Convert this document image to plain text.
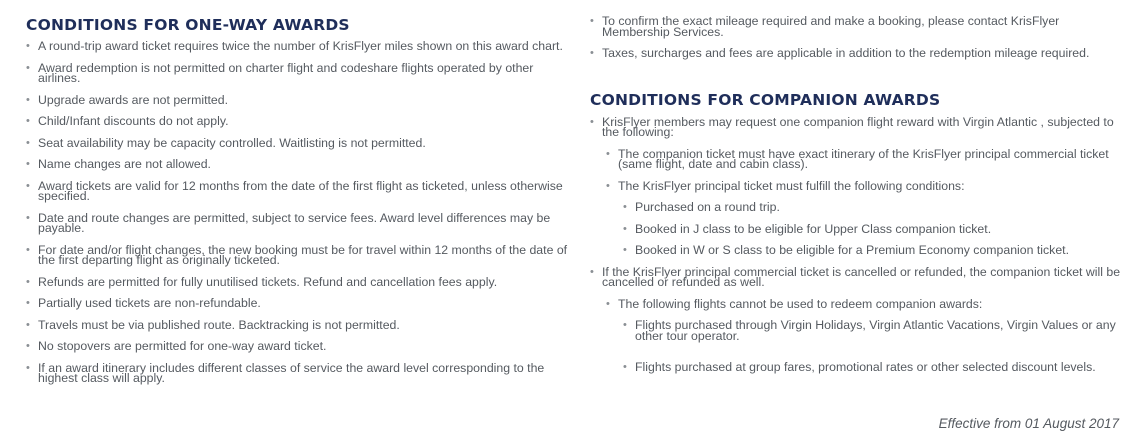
CONDITIONS FOR ONE-WAY AWARDS
• A round-trip award ticket requires twice the number of KrisFlyer miles shown on this award chart.
• Award redemption is not permitted on charter flight and codeshare flights operated by other airlines.
• Upgrade awards are not permitted.
• Child/Infant discounts do not apply.
• Seat availability may be capacity controlled. Waitlisting is not permitted.
• Name changes are not allowed.
• Award tickets are valid for 12 months from the date of the first flight as ticketed, unless otherwise specified.
• Date and route changes are permitted, subject to service fees. Award level differences may be payable.
• For date and/or flight changes, the new booking must be for travel within 12 months of the date of the first departing flight as originally ticketed.
• Refunds are permitted for fully unutilised tickets. Refund and cancellation fees apply.
• Partially used tickets are non-refundable.
• Travels must be via published route. Backtracking is not permitted.
• No stopovers are permitted for one-way award ticket.
• If an award itinerary includes different classes of service the award level corresponding to the highest class will apply.
• To confirm the exact mileage required and make a booking, please contact KrisFlyer Membership Services.
• Taxes, surcharges and fees are applicable in addition to the redemption mileage required.
CONDITIONS FOR COMPANION AWARDS
• KrisFlyer members may request one companion flight reward with Virgin Atlantic , subjected to the following:
• The companion ticket must have exact itinerary of the KrisFlyer principal commercial ticket (same flight, date and cabin class).
• The KrisFlyer principal ticket must fulfill the following conditions:
• Purchased on a round trip.
• Booked in J class to be eligible for Upper Class companion ticket.
• Booked in W or S class to be eligible for a Premium Economy companion ticket.
• If the KrisFlyer principal commercial ticket is cancelled or refunded, the companion ticket will be cancelled or refunded as well.
• The following flights cannot be used to redeem companion awards:
• Flights purchased through Virgin Holidays, Virgin Atlantic Vacations, Virgin Values or any other tour operator.
• Flights purchased at group fares, promotional rates or other selected discount levels.
Effective from 01 August 2017
